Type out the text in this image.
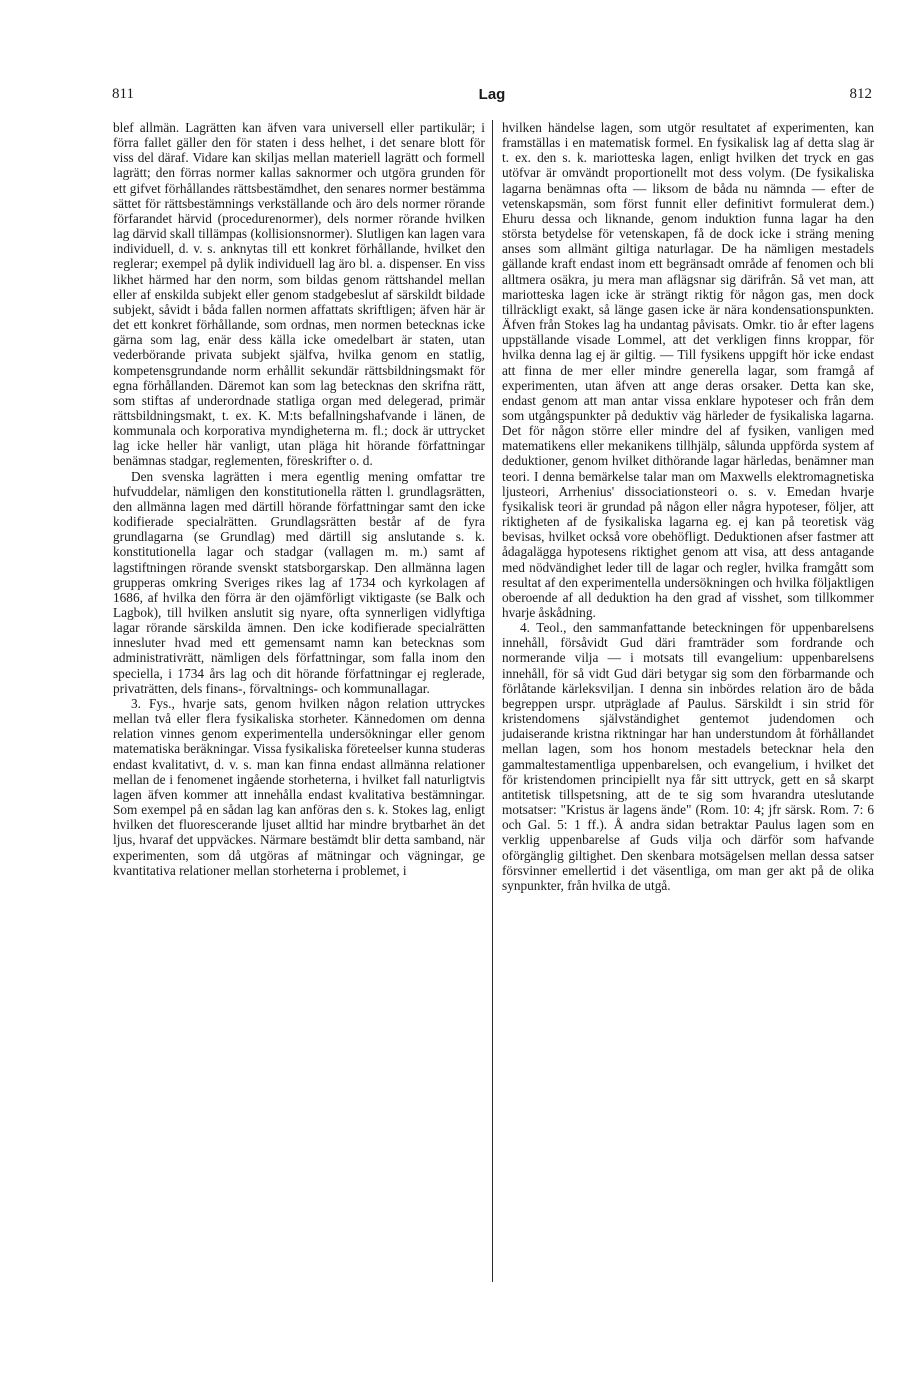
811	Lag	812

blef allmän. Lagrätten kan äfven vara universell eller partikulär; i förra fallet gäller den för staten i dess helhet, i det senare blott för viss del däraf. Vidare kan skiljas mellan materiell lagrätt och formell lagrätt; den förras normer kallas saknormer och utgöra grunden för ett gifvet förhållandes rättsbestämdhet, den senares normer bestämma sättet för rättsbestämnings verkställande och äro dels normer rörande förfarandet härvid (procedurenormer), dels normer rörande hvilken lag därvid skall tillämpas (kollisionsnormer). Slutligen kan lagen vara individuell, d. v. s. anknytas till ett konkret förhållande, hvilket den reglerar; exempel på dylik individuell lag äro bl. a. dispenser. En viss likhet härmed har den norm, som bildas genom rättshandel mellan eller af enskilda subjekt eller genom stadgebeslut af särskildt bildade subjekt, såvidt i båda fallen normen affattats skriftligen; äfven här är det ett konkret förhållande, som ordnas, men normen betecknas icke gärna som lag, enär dess källa icke omedelbart är staten, utan vederbörande privata subjekt själfva, hvilka genom en statlig, kompetensgrundande norm erhållit sekundär rättsbildningsmakt för egna förhållanden. Däremot kan som lag betecknas den skrifna rätt, som stiftas af underordnade statliga organ med delegerad, primär rättsbildningsmakt, t. ex. K. M:ts befallningshafvande i länen, de kommunala och korporativa myndigheterna m. fl.; dock är uttrycket lag icke heller här vanligt, utan pläga hit hörande författningar benämnas stadgar, reglementen, föreskrifter o. d.

Den svenska lagrätten i mera egentlig mening omfattar tre hufvuddelar, nämligen den konstitutionella rätten l. grundlagsrätten, den allmänna lagen med därtill hörande författningar samt den icke kodifierade specialrätten. Grundlagsrätten består af de fyra grundlagarna (se Grundlag) med därtill sig anslutande s. k. konstitutionella lagar och stadgar (vallagen m. m.) samt af lagstiftningen rörande svenskt statsborgarskap. Den allmänna lagen grupperas omkring Sveriges rikes lag af 1734 och kyrkolagen af 1686, af hvilka den förra är den ojämförligt viktigaste (se Balk och Lagbok), till hvilken anslutit sig nyare, ofta synnerligen vidlyftiga lagar rörande särskilda ämnen. Den icke kodifierade specialrätten innesluter hvad med ett gemensamt namn kan betecknas som administrativrätt, nämligen dels författningar, som falla inom den speciella, i 1734 års lag och dit hörande författningar ej reglerade, privaträtten, dels finans-, förvaltnings- och kommunallagar.

3. Fys., hvarje sats, genom hvilken någon relation uttryckes mellan två eller flera fysikaliska storheter. Kännedomen om denna relation vinnes genom experimentella undersökningar eller genom matematiska beräkningar. Vissa fysikaliska företeelser kunna studeras endast kvalitativt, d. v. s. man kan finna endast allmänna relationer mellan de i fenomenet ingående storheterna, i hvilket fall naturligtvis lagen äfven kommer att innehålla endast kvalitativa bestämningar. Som exempel på en sådan lag kan anföras den s. k. Stokes lag, enligt hvilken det fluorescerande ljuset alltid har mindre brytbarhet än det ljus, hvaraf det uppväckes. Närmare bestämdt blir detta samband, när experimenten, som då utgöras af mätningar och vägningar, ge kvantitativa relationer mellan storheterna i problemet, i

hvilken händelse lagen, som utgör resultatet af experimenten, kan framställas i en matematisk formel. En fysikalisk lag af detta slag är t. ex. den s. k. mariotteska lagen, enligt hvilken det tryck en gas utöfvar är omvändt proportionellt mot dess volym. (De fysikaliska lagarna benämnas ofta — liksom de båda nu nämnda — efter de vetenskapsmän, som först funnit eller definitivt formulerat dem.) Ehuru dessa och liknande, genom induktion funna lagar ha den största betydelse för vetenskapen, få de dock icke i sträng mening anses som allmänt giltiga naturlagar. De ha nämligen mestadels gällande kraft endast inom ett begränsadt område af fenomen och bli alltmera osäkra, ju mera man aflägsnar sig därifrån. Så vet man, att mariotteska lagen icke är strängt riktig för någon gas, men dock tillräckligt exakt, så länge gasen icke är nära kondensationspunkten. Äfven från Stokes lag ha undantag påvisats. Omkr. tio år efter lagens uppställande visade Lommel, att det verkligen finns kroppar, för hvilka denna lag ej är giltig. — Till fysikens uppgift hör icke endast att finna de mer eller mindre generella lagar, som framgå af experimenten, utan äfven att ange deras orsaker. Detta kan ske, endast genom att man antar vissa enklare hypoteser och från dem som utgångspunkter på deduktiv väg härleder de fysikaliska lagarna. Det för någon större eller mindre del af fysiken, vanligen med matematikens eller mekanikens tillhjälp, sålunda uppförda system af deduktioner, genom hvilket dithörande lagar härledas, benämner man teori. I denna bemärkelse talar man om Maxwells elektromagnetiska ljusteori, Arrhenius' dissociationsteori o. s. v. Emedan hvarje fysikalisk teori är grundad på någon eller några hypoteser, följer, att riktigheten af de fysikaliska lagarna eg. ej kan på teoretisk väg bevisas, hvilket också vore obehöfligt. Deduktionen afser fastmer att ådagalägga hypotesens riktighet genom att visa, att dess antagande med nödvändighet leder till de lagar och regler, hvilka framgått som resultat af den experimentella undersökningen och hvilka följaktligen oberoende af all deduktion ha den grad af visshet, som tillkommer hvarje åskådning.

4. Teol., den sammanfattande beteckningen för uppenbarelsens innehåll, försåvidt Gud däri framträder som fordrande och normerande vilja — i motsats till evangelium: uppenbarelsens innehåll, för så vidt Gud däri betygar sig som den förbarmande och förlåtande kärleksviljan. I denna sin inbördes relation äro de båda begreppen urspr. utpräglade af Paulus. Särskildt i sin strid för kristendomens självständighet gentemot judendomen och judaiserande kristna riktningar har han understundom åt förhållandet mellan lagen, som hos honom mestadels betecknar hela den gammaltestamentliga uppenbarelsen, och evangelium, i hvilket det för kristendomen principiellt nya får sitt uttryck, gett en så skarpt antitetisk tillspetsning, att de te sig som hvarandra uteslutande motsatser: "Kristus är lagens ände" (Rom. 10: 4; jfr särsk. Rom. 7: 6 och Gal. 5: 1 ff.). Å andra sidan betraktar Paulus lagen som en verklig uppenbarelse af Guds vilja och därför som hafvande oförgänglig giltighet. Den skenbara motsägelsen mellan dessa satser försvinner emellertid i det väsentliga, om man ger akt på de olika synpunkter, från hvilka de utgå.
